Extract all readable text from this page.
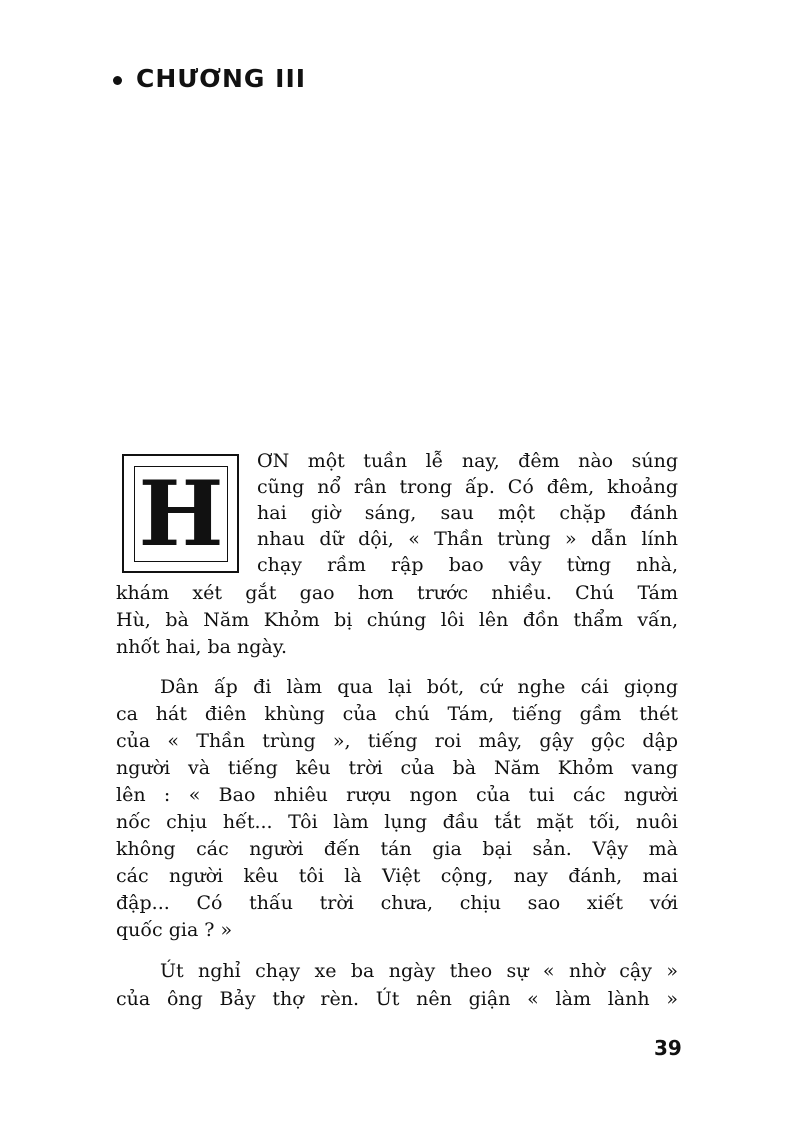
CHƯƠNG III
H ƠN một tuần lễ nay, đêm nào súng
cũng nổ rân trong ấp. Có đêm, khoảng
hai giờ sáng, sau một chặp đánh
nhau dữ dội, « Thần trùng » dẫn lính
chạy rầm rập bao vây từng nhà,
khám xét gắt gao hơn trước nhiều. Chú Tám
Hù, bà Năm Khỏm bị chúng lôi lên đồn thẩm vấn,
nhốt hai, ba ngày.
Dân ấp đi làm qua lại bót, cứ nghe cái giọng
ca hát điên khùng của chú Tám, tiếng gầm thét
của « Thần trùng », tiếng roi mây, gậy gộc dập
người và tiếng kêu trời của bà Năm Khỏm vang
lên : « Bao nhiêu rượu ngon của tui các người
nốc chịu hết... Tôi làm lụng đầu tắt mặt tối, nuôi
không các người đến tán gia bại sản. Vậy mà
các người kêu tôi là Việt cộng, nay đánh, mai
đập... Có thấu trời chưa, chịu sao xiết với
quốc gia ? »
Út nghỉ chạy xe ba ngày theo sự « nhờ cậy »
của ông Bảy thợ rèn. Út nên giận « làm lành »
39
